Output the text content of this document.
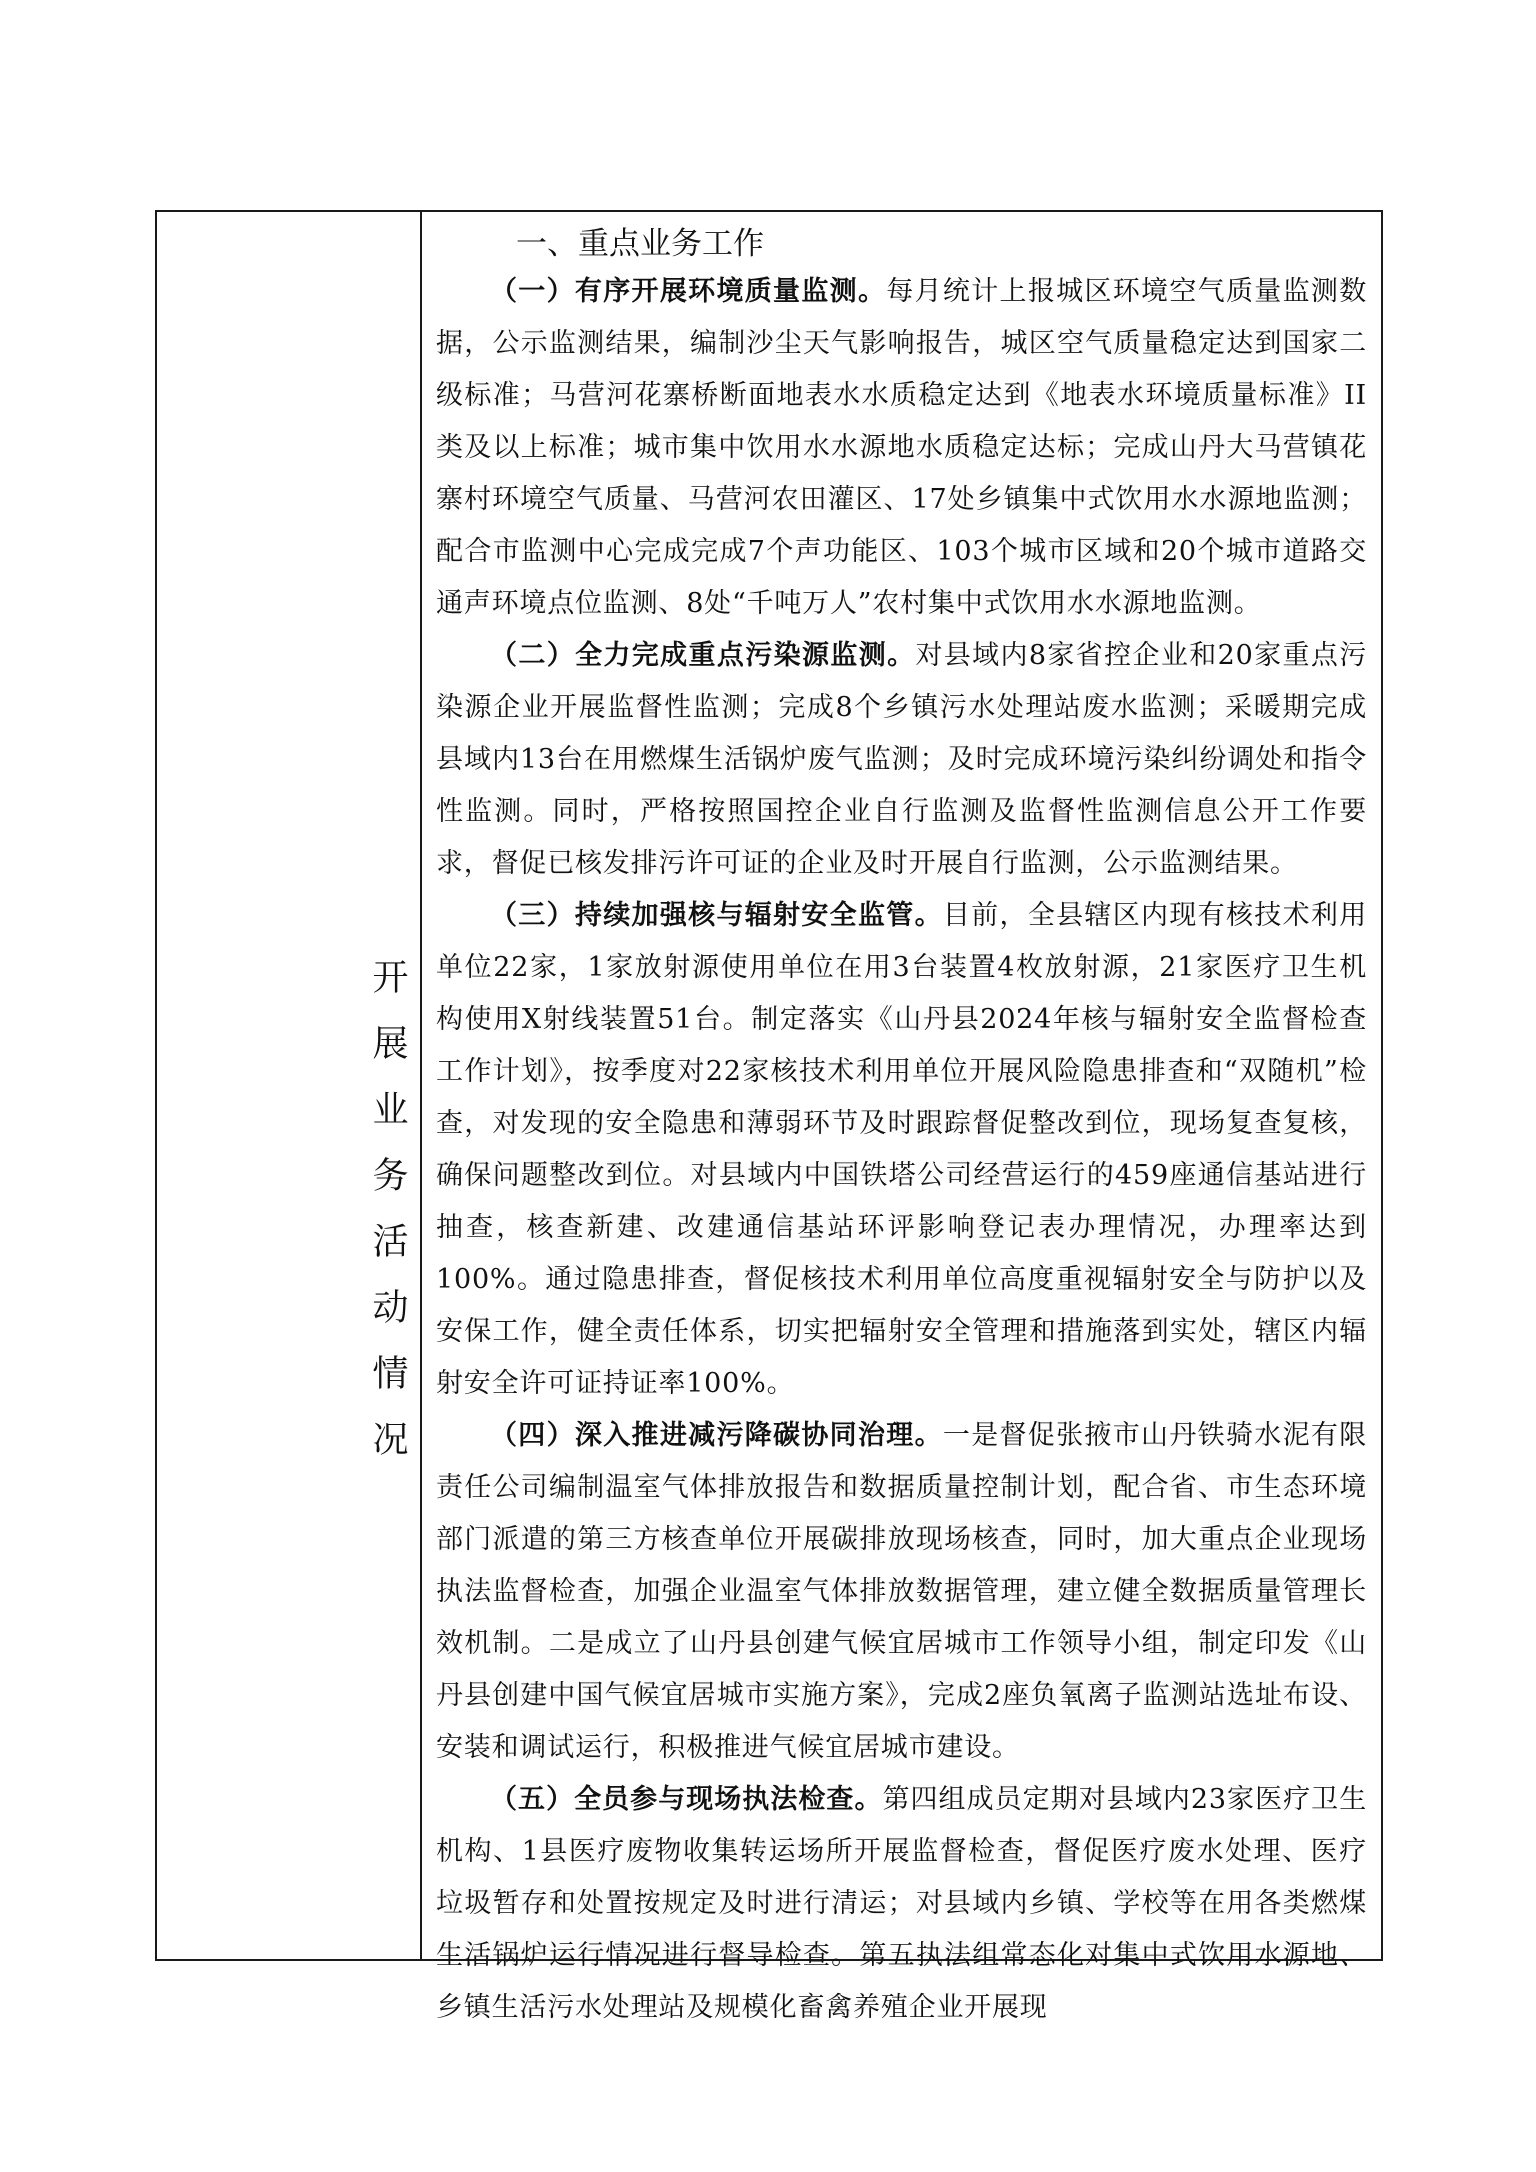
开展业务活动情况

一、重点业务工作

（一）有序开展环境质量监测。每月统计上报城区环境空气质量监测数据，公示监测结果，编制沙尘天气影响报告，城区空气质量稳定达到国家二级标准；马营河花寨桥断面地表水水质稳定达到《地表水环境质量标准》II类及以上标准；城市集中饮用水水源地水质稳定达标；完成山丹大马营镇花寨村环境空气质量、马营河农田灌区、17处乡镇集中式饮用水水源地监测；配合市监测中心完成完成7个声功能区、103个城市区域和20个城市道路交通声环境点位监测、8处“千吨万人”农村集中式饮用水水源地监测。

（二）全力完成重点污染源监测。对县域内8家省控企业和20家重点污染源企业开展监督性监测；完成8个乡镇污水处理站废水监测；采暖期完成县域内13台在用燃煤生活锅炉废气监测；及时完成环境污染纠纷调处和指令性监测。同时，严格按照国控企业自行监测及监督性监测信息公开工作要求，督促已核发排污许可证的企业及时开展自行监测，公示监测结果。

（三）持续加强核与辐射安全监管。目前，全县辖区内现有核技术利用单位22家，1家放射源使用单位在用3台装置4枚放射源，21家医疗卫生机构使用X射线装置51台。制定落实《山丹县2024年核与辐射安全监督检查工作计划》，按季度对22家核技术利用单位开展风险隐患排查和“双随机”检查，对发现的安全隐患和薄弱环节及时跟踪督促整改到位，现场复查复核，确保问题整改到位。对县域内中国铁塔公司经营运行的459座通信基站进行抽查，核查新建、改建通信基站环评影响登记表办理情况，办理率达到100%。通过隐患排查，督促核技术利用单位高度重视辐射安全与防护以及安保工作，健全责任体系，切实把辐射安全管理和措施落到实处，辖区内辐射安全许可证持证率100%。

（四）深入推进减污降碳协同治理。一是督促张掖市山丹铁骑水泥有限责任公司编制温室气体排放报告和数据质量控制计划，配合省、市生态环境部门派遣的第三方核查单位开展碳排放现场核查，同时，加大重点企业现场执法监督检查，加强企业温室气体排放数据管理，建立健全数据质量管理长效机制。二是成立了山丹县创建气候宜居城市工作领导小组，制定印发《山丹县创建中国气候宜居城市实施方案》，完成2座负氧离子监测站选址布设、安装和调试运行，积极推进气候宜居城市建设。

（五）全员参与现场执法检查。第四组成员定期对县域内23家医疗卫生机构、1县医疗废物收集转运场所开展监督检查，督促医疗废水处理、医疗垃圾暂存和处置按规定及时进行清运；对县域内乡镇、学校等在用各类燃煤生活锅炉运行情况进行督导检查。第五执法组常态化对集中式饮用水源地、乡镇生活污水处理站及规模化畜禽养殖企业开展现
